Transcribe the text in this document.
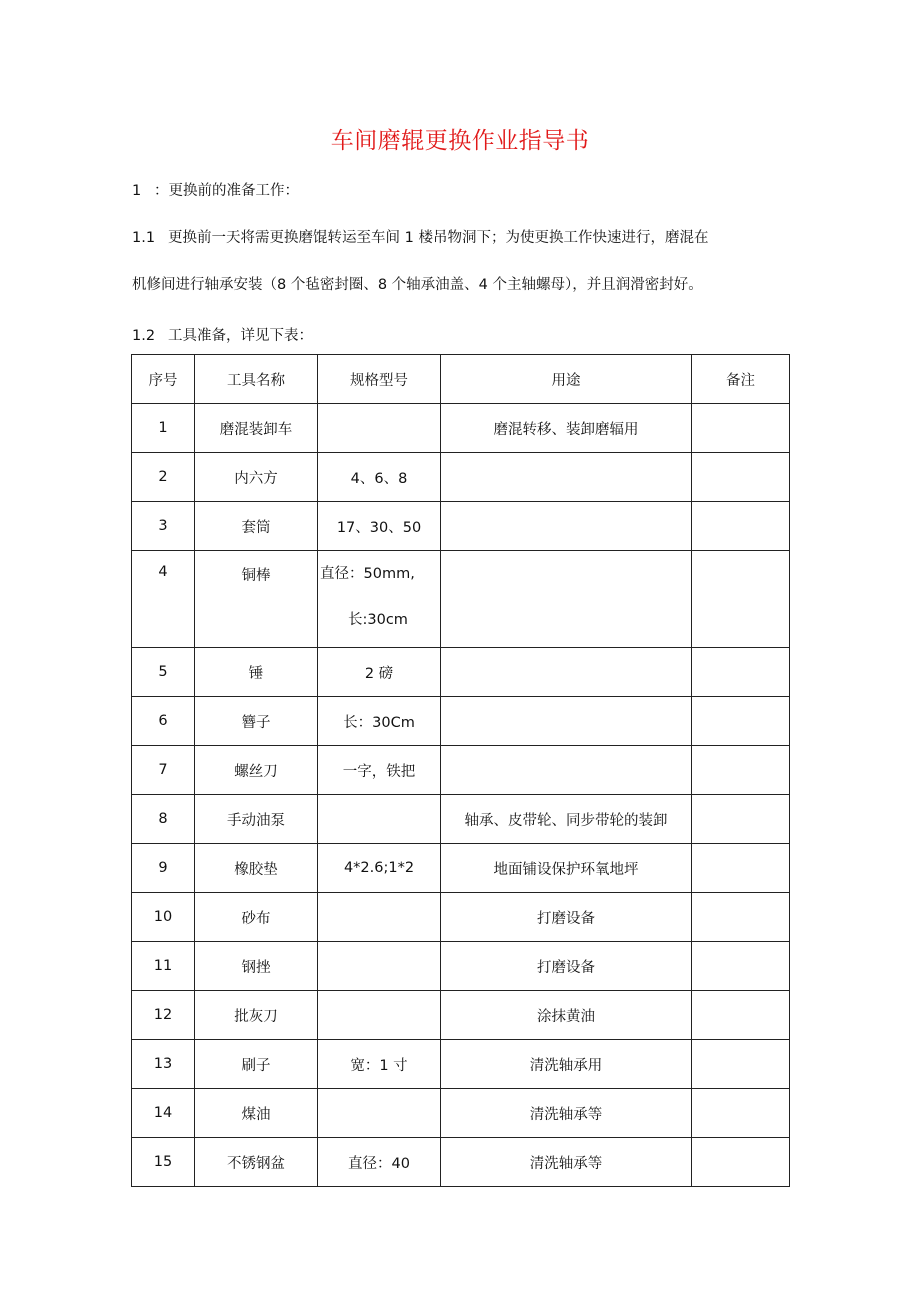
车间磨辊更换作业指导书
1 ：更换前的准备工作：
1.1 更换前一天将需更换磨馄转运至车间 1 楼吊物洞下；为使更换工作快速进行，磨混在
机修间进行轴承安装（8 个毡密封圈、8 个轴承油盖、4 个主轴螺母），并且润滑密封好。
1.2 工具准备，详见下表：
序号	工具名称	规格型号	用途	备注
1	磨混装卸车		磨混转移、装卸磨辐用	
2	内六方	4、6、8		
3	套筒	17、30、50		

4	铜棒	直径：50mm,
长:30cm		

5	锤	2 磅		
6	簪子	长：30Cm		
7	螺丝刀	一字，铁把		
8	手动油泵		轴承、皮带轮、同步带轮的装卸	
9	橡胶垫	4*2.6;1*2	地面铺设保护环氧地坪	
10	砂布		打磨设备	
11	钢挫		打磨设备	
12	批灰刀		涂抹黄油	
13	刷子	宽：1 寸	清洗轴承用	
14	煤油		清洗轴承等	
15	不锈钢盆	直径：40	清洗轴承等	
